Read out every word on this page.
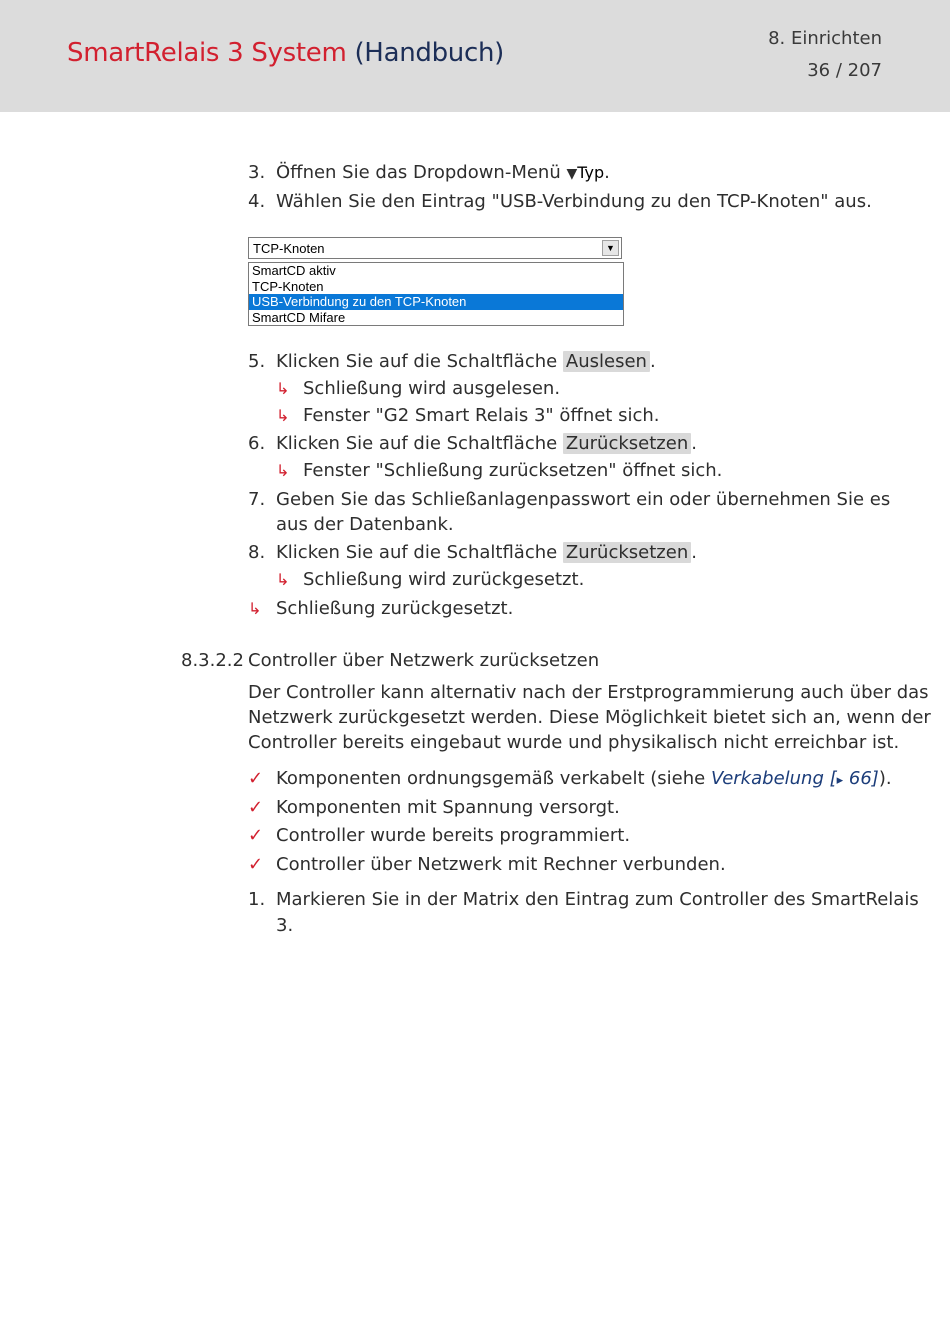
SmartRelais 3 System (Handbuch)	8. Einrichten
36 / 207
3. Öffnen Sie das Dropdown-Menü ▼Typ.
4. Wählen Sie den Eintrag "USB-Verbindung zu den TCP-Knoten" aus.
TCP-Knoten	▼
SmartCD aktiv
TCP-Knoten
USB-Verbindung zu den TCP-Knoten
SmartCD Mifare
5. Klicken Sie auf die Schaltfläche Auslesen .
↳ Schließung wird ausgelesen.
↳ Fenster "G2 Smart Relais 3" öffnet sich.
6. Klicken Sie auf die Schaltfläche Zurücksetzen .
↳ Fenster "Schließung zurücksetzen" öffnet sich.
7. Geben Sie das Schließanlagenpasswort ein oder übernehmen Sie es
aus der Datenbank.
8. Klicken Sie auf die Schaltfläche Zurücksetzen .
↳ Schließung wird zurückgesetzt.
↳ Schließung zurückgesetzt.
8.3.2.2 Controller über Netzwerk zurücksetzen
Der Controller kann alternativ nach der Erstprogrammierung auch über das
Netzwerk zurückgesetzt werden. Diese Möglichkeit bietet sich an, wenn der
Controller bereits eingebaut wurde und physikalisch nicht erreichbar ist.
✓ Komponenten ordnungsgemäß verkabelt (siehe Verkabelung [▸ 66]).
✓ Komponenten mit Spannung versorgt.
✓ Controller wurde bereits programmiert.
✓ Controller über Netzwerk mit Rechner verbunden.
1. Markieren Sie in der Matrix den Eintrag zum Controller des SmartRelais
3.
